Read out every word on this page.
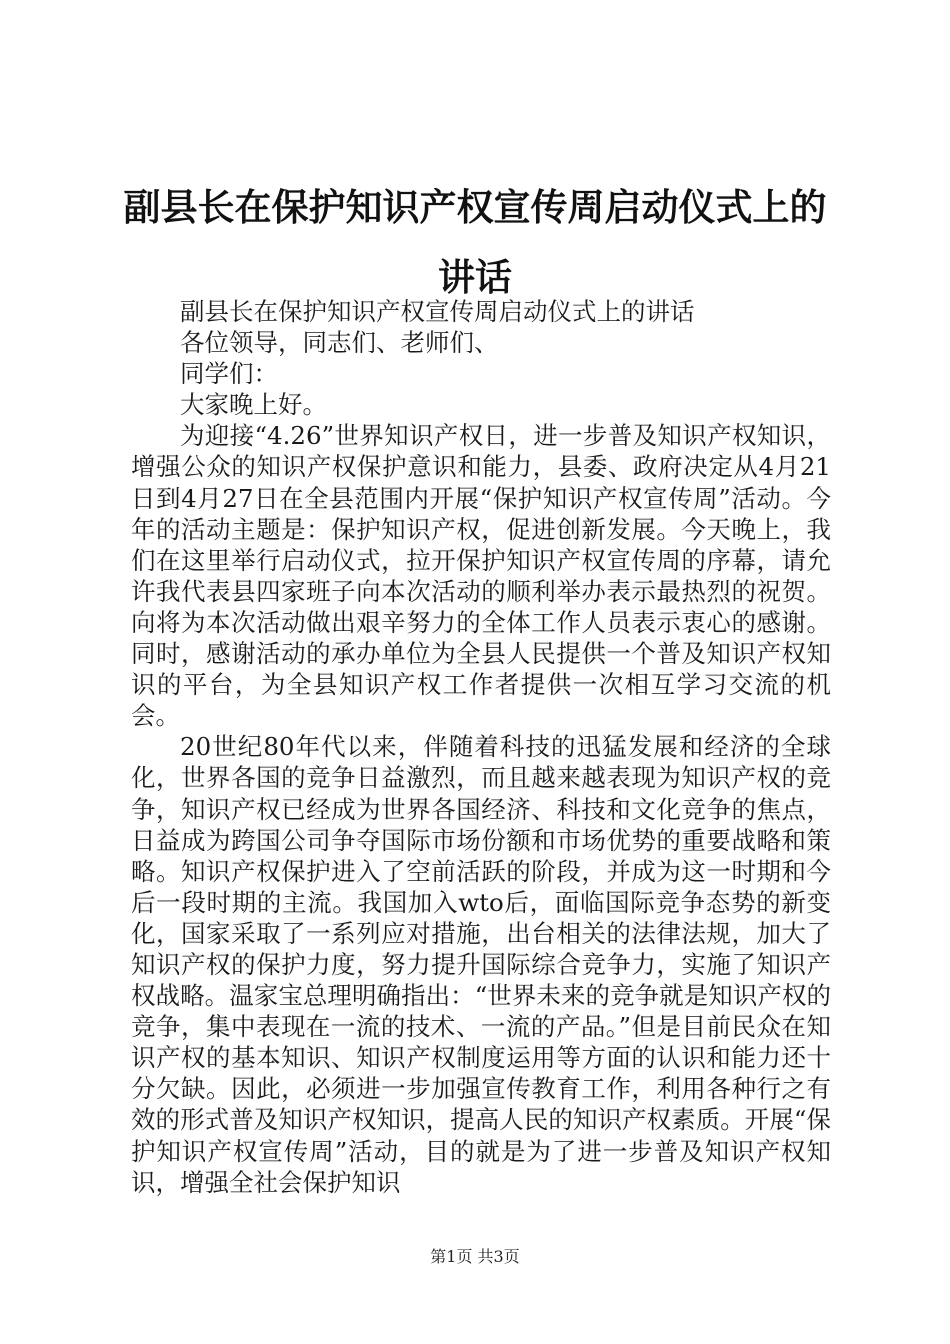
副县长在保护知识产权宣传周启动仪式上的讲话

副县长在保护知识产权宣传周启动仪式上的讲话

各位领导，同志们、老师们、

同学们：

大家晚上好。

为迎接“4.26”世界知识产权日，进一步普及知识产权知识，增强公众的知识产权保护意识和能力，县委、政府决定从4月21日到4月27日在全县范围内开展“保护知识产权宣传周”活动。今年的活动主题是：保护知识产权，促进创新发展。今天晚上，我们在这里举行启动仪式，拉开保护知识产权宣传周的序幕，请允许我代表县四家班子向本次活动的顺利举办表示最热烈的祝贺。向将为本次活动做出艰辛努力的全体工作人员表示衷心的感谢。同时，感谢活动的承办单位为全县人民提供一个普及知识产权知识的平台，为全县知识产权工作者提供一次相互学习交流的机会。

20世纪80年代以来，伴随着科技的迅猛发展和经济的全球化，世界各国的竞争日益激烈，而且越来越表现为知识产权的竞争，知识产权已经成为世界各国经济、科技和文化竞争的焦点，日益成为跨国公司争夺国际市场份额和市场优势的重要战略和策略。知识产权保护进入了空前活跃的阶段，并成为这一时期和今后一段时期的主流。我国加入wto后，面临国际竞争态势的新变化，国家采取了一系列应对措施，出台相关的法律法规，加大了知识产权的保护力度，努力提升国际综合竞争力，实施了知识产权战略。温家宝总理明确指出：“世界未来的竞争就是知识产权的竞争，集中表现在一流的技术、一流的产品。”但是目前民众在知识产权的基本知识、知识产权制度运用等方面的认识和能力还十分欠缺。因此，必须进一步加强宣传教育工作，利用各种行之有效的形式普及知识产权知识，提高人民的知识产权素质。开展“保护知识产权宣传周”活动，目的就是为了进一步普及知识产权知识，增强全社会保护知识

第1页 共3页
